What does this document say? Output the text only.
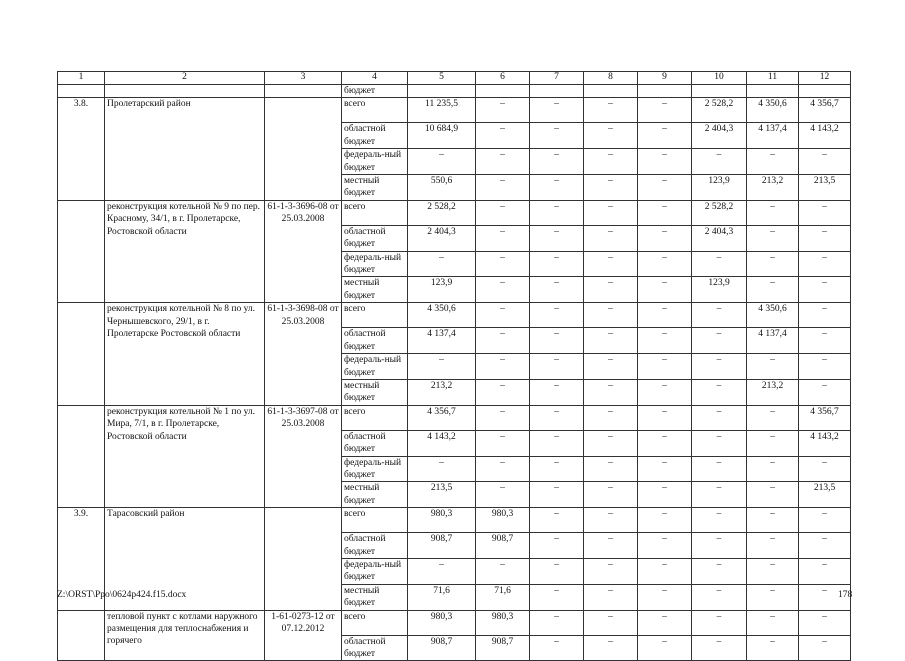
1	2	3	4	5	6	7	8	9	10	11	12
			бюджет								
3.8.	Пролетарский район		всего	11 235,5	–	–	–	–	2 528,2	4 350,6	4 356,7
			областной бюджет	10 684,9	–	–	–	–	2 404,3	4 137,4	4 143,2
			федераль-ный бюджет	–	–	–	–	–	–	–	–
			местный бюджет	550,6	–	–	–	–	123,9	213,2	213,5
	реконструкция котельной № 9 по пер. Красному, 34/1, в г. Пролетарске, Ростовской области	61-1-3-3696-08 от 25.03.2008	всего	2 528,2	–	–	–	–	2 528,2	–	–
			областной бюджет	2 404,3	–	–	–	–	2 404,3	–	–
			федераль-ный бюджет	–	–	–	–	–	–	–	–
			местный бюджет	123,9	–	–	–	–	123,9	–	–
	реконструкция котельной № 8 по ул. Чернышевского, 29/1, в г. Пролетарске Ростовской области	61-1-3-3698-08 от 25.03.2008	всего	4 350,6	–	–	–	–	–	4 350,6	–
			областной бюджет	4 137,4	–	–	–	–	–	4 137,4	–
			федераль-ный бюджет	–	–	–	–	–	–	–	–
			местный бюджет	213,2	–	–	–	–	–	213,2	–
	реконструкция котельной № 1 по ул. Мира, 7/1, в г. Пролетарске, Ростовской области	61-1-3-3697-08 от 25.03.2008	всего	4 356,7	–	–	–	–	–	–	4 356,7
			областной бюджет	4 143,2	–	–	–	–	–	–	4 143,2
			федераль-ный бюджет	–	–	–	–	–	–	–	–
			местный бюджет	213,5	–	–	–	–	–	–	213,5
3.9.	Тарасовский район		всего	980,3	980,3	–	–	–	–	–	–
			областной бюджет	908,7	908,7	–	–	–	–	–	–
			федераль-ный бюджет	–	–	–	–	–	–	–	–
			местный бюджет	71,6	71,6	–	–	–	–	–	–
	тепловой пункт с котлами наружного размещения для теплоснабжения и горячего	1-61-0273-12 от 07.12.2012	всего	980,3	980,3	–	–	–	–	–	–
			областной бюджет	908,7	908,7	–	–	–	–	–	–
Z:\ORST\Ppo\0624p424.f15.docx	178
